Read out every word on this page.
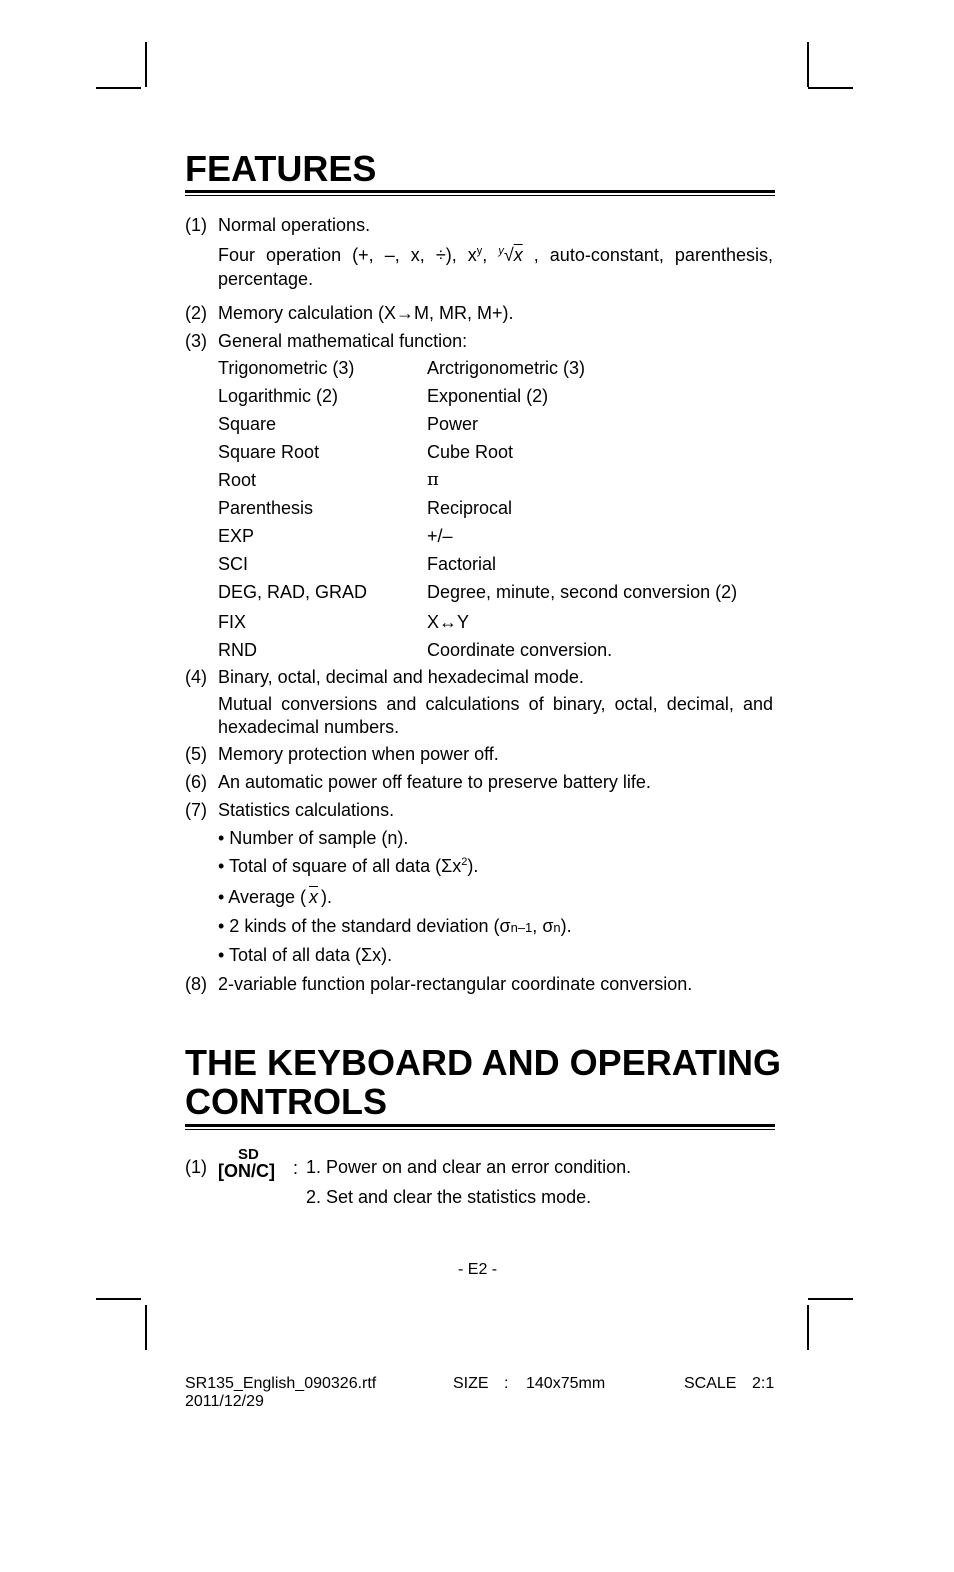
FEATURES
(1) Normal operations.
Four operation (+, –, x, ÷), $x^y$, $^y$√x , auto-constant, parenthesis, percentage.
(2) Memory calculation (X→M, MR, M+).
(3) General mathematical function:
Trigonometric (3)	Arctrigonometric (3)
Logarithmic (2)	Exponential (2)
Square	Power
Square Root	Cube Root
Root	π
Parenthesis	Reciprocal
EXP	+/–
SCI	Factorial
DEG, RAD, GRAD	Degree, minute, second conversion (2)
FIX	X↔Y
RND	Coordinate conversion.
(4) Binary, octal, decimal and hexadecimal mode.
Mutual conversions and calculations of binary, octal, decimal, and hexadecimal numbers.
(5) Memory protection when power off.
(6) An automatic power off feature to preserve battery life.
(7) Statistics calculations.
• Number of sample (n).
• Total of square of all data $(\Sigma x^2)$.
• Average ( $\overline{x}$ ).
• 2 kinds of the standard deviation (σn–1, σn).
• Total of all data (Σx).
(8) 2-variable function polar-rectangular coordinate conversion.
THE KEYBOARD AND OPERATING
CONTROLS
(1)
SD
[ON/C] : 1. Power on and clear an error condition.
2. Set and clear the statistics mode.
- E2 -
SR135_English_090326.rtf
2011/12/29
SIZE : 140x75mm	SCALE 2:1
